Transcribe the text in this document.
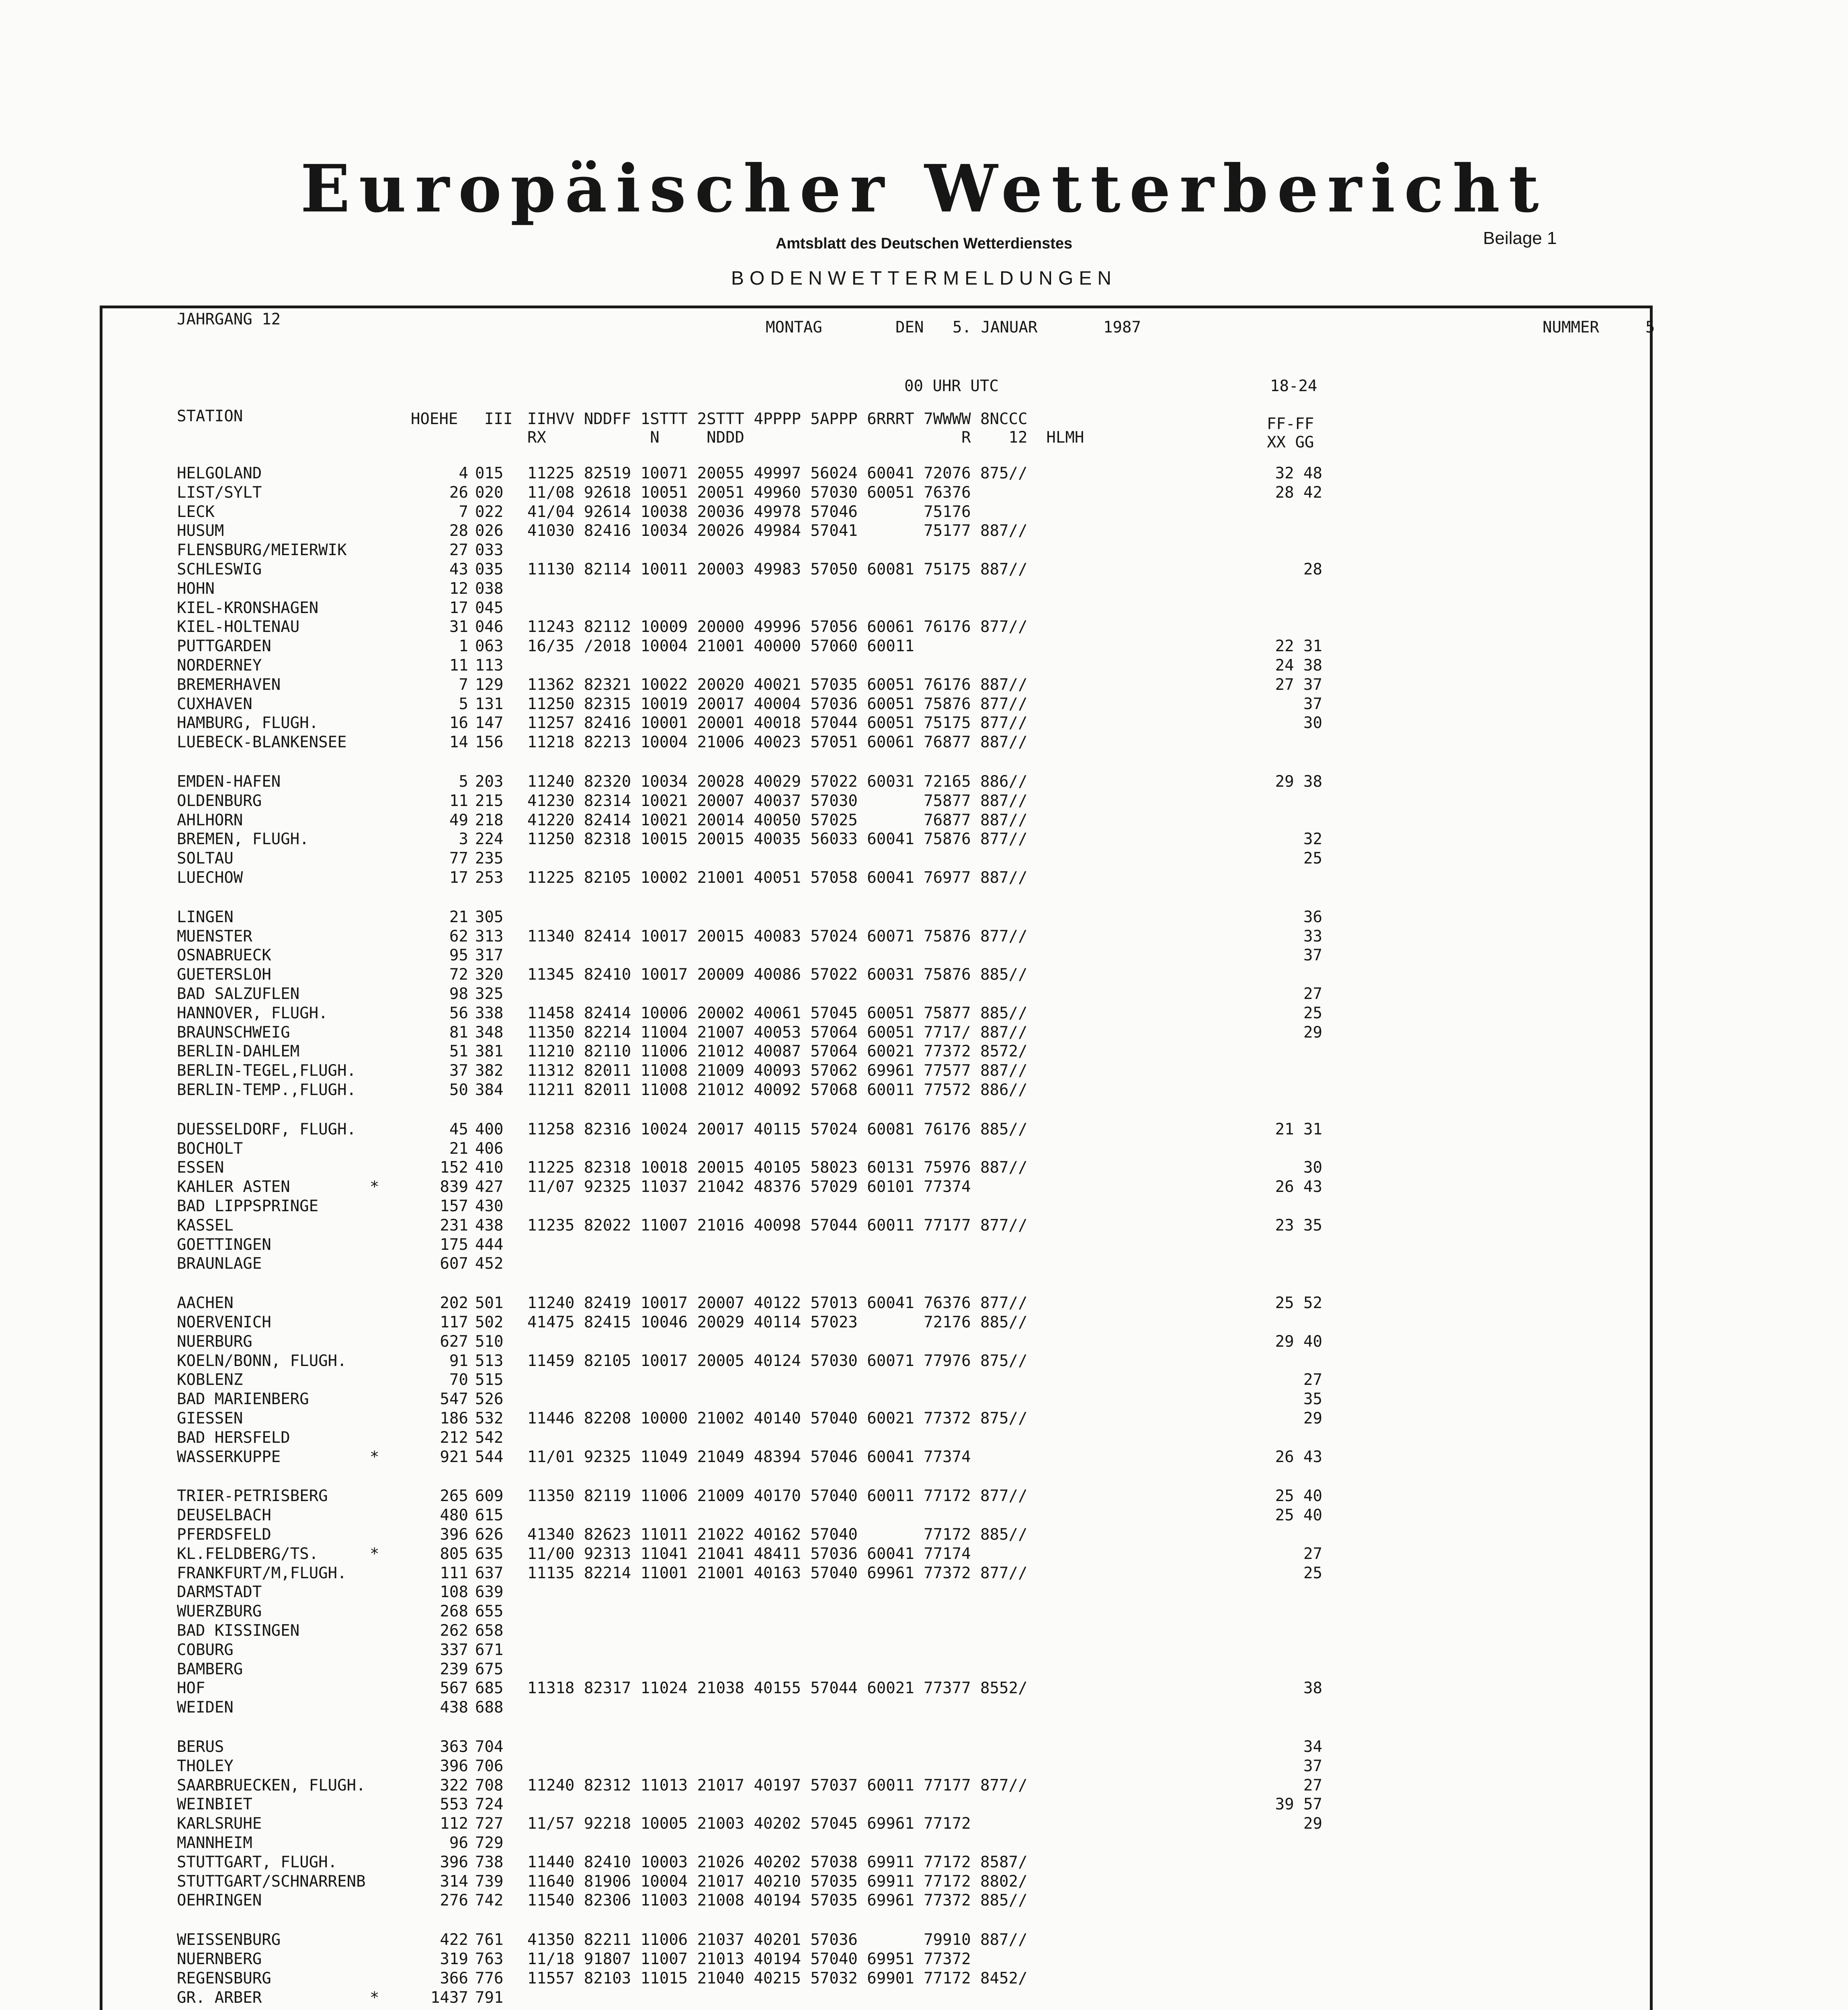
Europäischer Wetterbericht
Amtsblatt des Deutschen Wetterdienstes	Beilage 1
BODENWETTERMELDUNGEN
JAHRGANG 12	MONTAG	DEN 5. JANUAR	1987	NUMMER	5
00 UHR UTC	18-24
STATION	HOEHE III IIHVV NDDFF 1STTT 2STTT 4PPPP 5APPP 6RRRT 7WWWW 8NCCC	FF-FF
RX           N     NDDD                       R    12  HLMH	XX GG
HELGOLAND	4 015 11225 82519 10071 20055 49997 56024 60041 72076 875//	32 48
LIST/SYLT	26 020 11/08 92618 10051 20051 49960 57030 60051 76376	28 42
LECK	7 022 41/04 92614 10038 20036 49978 57046       75176
HUSUM	28 026 41030 82416 10034 20026 49984 57041       75177 887//
FLENSBURG/MEIERWIK	27 033
SCHLESWIG	43 035 11130 82114 10011 20003 49983 57050 60081 75175 887//	28
HOHN	12 038
KIEL-KRONSHAGEN	17 045
KIEL-HOLTENAU	31 046 11243 82112 10009 20000 49996 57056 60061 76176 877//
PUTTGARDEN	1 063 16/35 /2018 10004 21001 40000 57060 60011	22 31
NORDERNEY	11 113	24 38
BREMERHAVEN	7 129 11362 82321 10022 20020 40021 57035 60051 76176 887//	27 37
CUXHAVEN	5 131 11250 82315 10019 20017 40004 57036 60051 75876 877//	37
HAMBURG, FLUGH.	16 147 11257 82416 10001 20001 40018 57044 60051 75175 877//	30
LUEBECK-BLANKENSEE	14 156 11218 82213 10004 21006 40023 57051 60061 76877 887//
EMDEN-HAFEN	5 203 11240 82320 10034 20028 40029 57022 60031 72165 886//	29 38
OLDENBURG	11 215 41230 82314 10021 20007 40037 57030       75877 887//
AHLHORN	49 218 41220 82414 10021 20014 40050 57025       76877 887//
BREMEN, FLUGH.	3 224 11250 82318 10015 20015 40035 56033 60041 75876 877//	32
SOLTAU	77 235	25
LUECHOW	17 253 11225 82105 10002 21001 40051 57058 60041 76977 887//
LINGEN	21 305	36
MUENSTER	62 313 11340 82414 10017 20015 40083 57024 60071 75876 877//	33
OSNABRUECK	95 317	37
GUETERSLOH	72 320 11345 82410 10017 20009 40086 57022 60031 75876 885//
BAD SALZUFLEN	98 325	27
HANNOVER, FLUGH.	56 338 11458 82414 10006 20002 40061 57045 60051 75877 885//	25
BRAUNSCHWEIG	81 348 11350 82214 11004 21007 40053 57064 60051 7717/ 887//	29
BERLIN-DAHLEM	51 381 11210 82110 11006 21012 40087 57064 60021 77372 8572/
BERLIN-TEGEL,FLUGH.	37 382 11312 82011 11008 21009 40093 57062 69961 77577 887//
BERLIN-TEMP.,FLUGH.	50 384 11211 82011 11008 21012 40092 57068 60011 77572 886//
DUESSELDORF, FLUGH.	45 400 11258 82316 10024 20017 40115 57024 60081 76176 885//	21 31
BOCHOLT	21 406
ESSEN	152 410 11225 82318 10018 20015 40105 58023 60131 75976 887//	30
KAHLER ASTEN	*	839 427 11/07 92325 11037 21042 48376 57029 60101 77374	26 43
BAD LIPPSPRINGE	157 430
KASSEL	231 438 11235 82022 11007 21016 40098 57044 60011 77177 877//	23 35
GOETTINGEN	175 444
BRAUNLAGE	607 452
AACHEN	202 501 11240 82419 10017 20007 40122 57013 60041 76376 877//	25 52
NOERVENICH	117 502 41475 82415 10046 20029 40114 57023       72176 885//
NUERBURG	627 510	29 40
KOELN/BONN, FLUGH.	91 513 11459 82105 10017 20005 40124 57030 60071 77976 875//
KOBLENZ	70 515	27
BAD MARIENBERG	547 526	35
GIESSEN	186 532 11446 82208 10000 21002 40140 57040 60021 77372 875//	29
BAD HERSFELD	212 542
WASSERKUPPE	*	921 544 11/01 92325 11049 21049 48394 57046 60041 77374	26 43
TRIER-PETRISBERG	265 609 11350 82119 11006 21009 40170 57040 60011 77172 877//	25 40
DEUSELBACH	480 615	25 40
PFERDSFELD	396 626 41340 82623 11011 21022 40162 57040       77172 885//
KL.FELDBERG/TS.	*	805 635 11/00 92313 11041 21041 48411 57036 60041 77174	27
FRANKFURT/M,FLUGH.	111 637 11135 82214 11001 21001 40163 57040 69961 77372 877//	25
DARMSTADT	108 639
WUERZBURG	268 655
BAD KISSINGEN	262 658
COBURG	337 671
BAMBERG	239 675
HOF	567 685 11318 82317 11024 21038 40155 57044 60021 77377 8552/	38
WEIDEN	438 688
BERUS	363 704	34
THOLEY	396 706	37
SAARBRUECKEN, FLUGH.	322 708 11240 82312 11013 21017 40197 57037 60011 77177 877//	27
WEINBIET	553 724	39 57
KARLSRUHE	112 727 11/57 92218 10005 21003 40202 57045 69961 77172	29
MANNHEIM	96 729
STUTTGART, FLUGH.	396 738 11440 82410 10003 21026 40202 57038 69911 77172 8587/
STUTTGART/SCHNARRENB	314 739 11640 81906 10004 21017 40210 57035 69911 77172 8802/
OEHRINGEN	276 742 11540 82306 11003 21008 40194 57035 69961 77372 885//
WEISSENBURG	422 761 41350 82211 11006 21037 40201 57036       79910 887//
NUERNBERG	319 763 11/18 91807 11007 21013 40194 57040 69951 77372
REGENSBURG	366 776 11557 82103 11015 21040 40215 57032 69901 77172 8452/
GR. ARBER	*	1437 791
